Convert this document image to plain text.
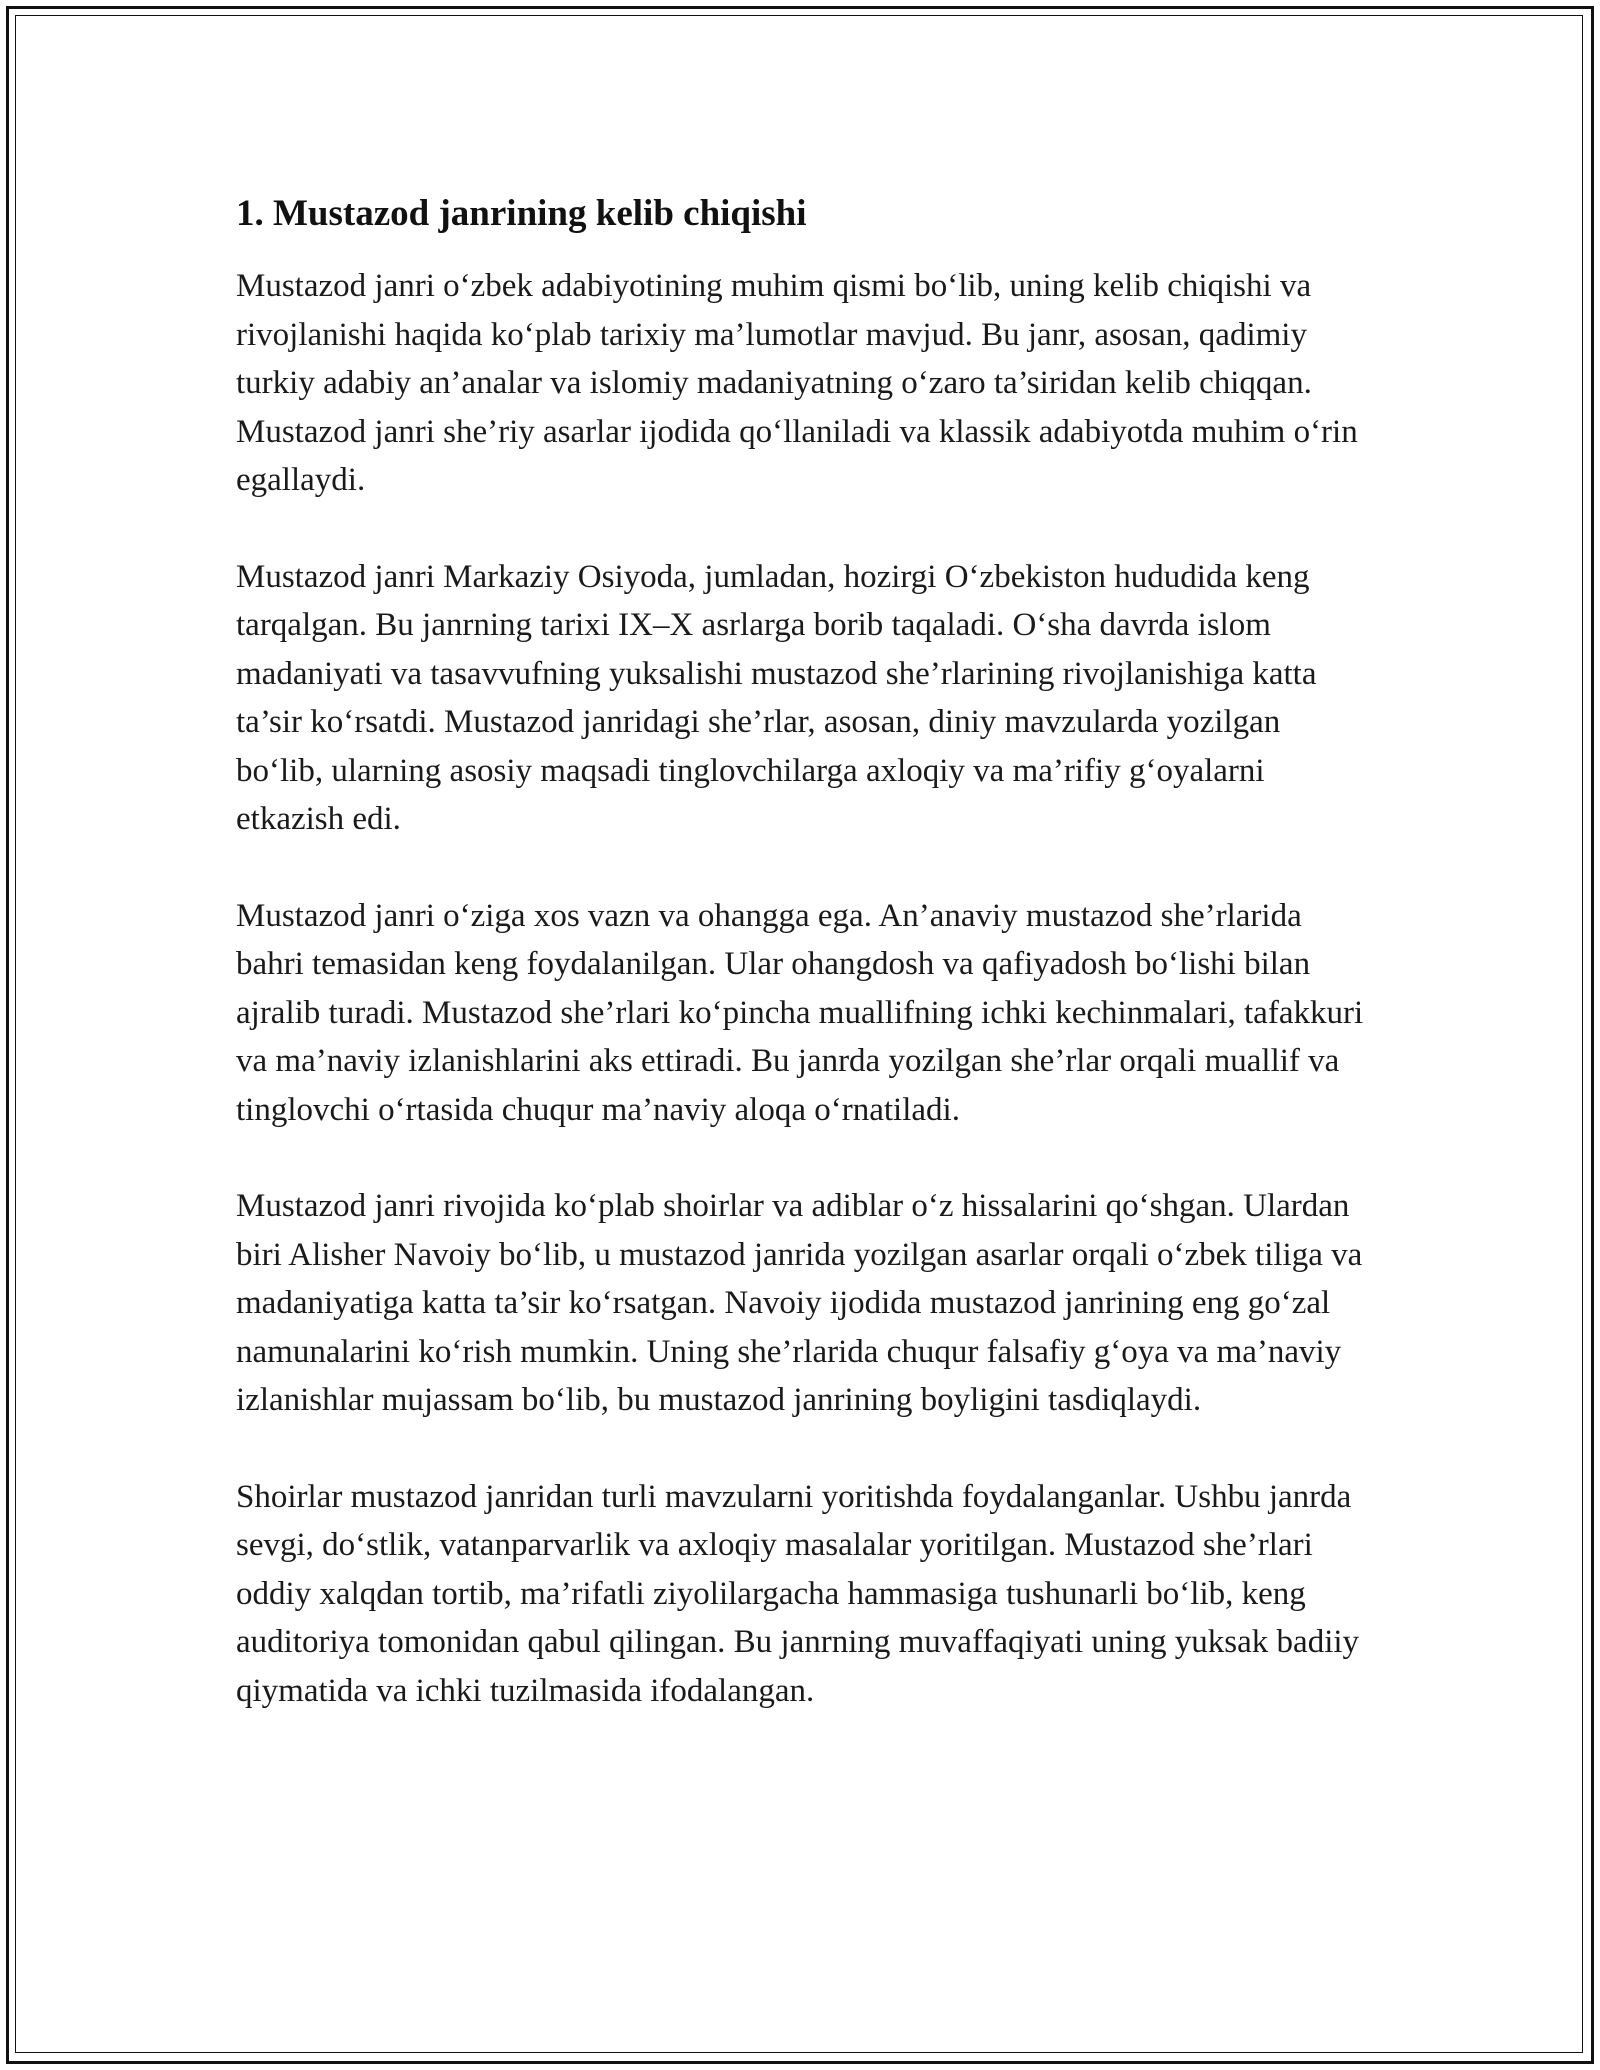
1. Mustazod janrining kelib chiqishi

Mustazod janri o‘zbek adabiyotining muhim qismi bo‘lib, uning kelib chiqishi va rivojlanishi haqida ko‘plab tarixiy ma’lumotlar mavjud. Bu janr, asosan, qadimiy turkiy adabiy an’analar va islomiy madaniyatning o‘zaro ta’siridan kelib chiqqan. Mustazod janri she’riy asarlar ijodida qo‘llaniladi va klassik adabiyotda muhim o‘rin egallaydi.

Mustazod janri Markaziy Osiyoda, jumladan, hozirgi O‘zbekiston hududida keng tarqalgan. Bu janrning tarixi IX–X asrlarga borib taqaladi. O‘sha davrda islom madaniyati va tasavvufning yuksalishi mustazod she’rlarining rivojlanishiga katta ta’sir ko‘rsatdi. Mustazod janridagi she’rlar, asosan, diniy mavzularda yozilgan bo‘lib, ularning asosiy maqsadi tinglovchilarga axloqiy va ma’rifiy g‘oyalarni etkazish edi.

Mustazod janri o‘ziga xos vazn va ohangga ega. An’anaviy mustazod she’rlarida bahri temasidan keng foydalanilgan. Ular ohangdosh va qafiyadosh bo‘lishi bilan ajralib turadi. Mustazod she’rlari ko‘pincha muallifning ichki kechinmalari, tafakkuri va ma’naviy izlanishlarini aks ettiradi. Bu janrda yozilgan she’rlar orqali muallif va tinglovchi o‘rtasida chuqur ma’naviy aloqa o‘rnatiladi.

Mustazod janri rivojida ko‘plab shoirlar va adiblar o‘z hissalarini qo‘shgan. Ulardan biri Alisher Navoiy bo‘lib, u mustazod janrida yozilgan asarlar orqali o‘zbek tiliga va madaniyatiga katta ta’sir ko‘rsatgan. Navoiy ijodida mustazod janrining eng go‘zal namunalarini ko‘rish mumkin. Uning she’rlarida chuqur falsafiy g‘oya va ma’naviy izlanishlar mujassam bo‘lib, bu mustazod janrining boyligini tasdiqlaydi.

Shoirlar mustazod janridan turli mavzularni yoritishda foydalanganlar. Ushbu janrda sevgi, do‘stlik, vatanparvarlik va axloqiy masalalar yoritilgan. Mustazod she’rlari oddiy xalqdan tortib, ma’rifatli ziyolilargacha hammasiga tushunarli bo‘lib, keng auditoriya tomonidan qabul qilingan. Bu janrning muvaffaqiyati uning yuksak badiiy qiymatida va ichki tuzilmasida ifodalangan.
